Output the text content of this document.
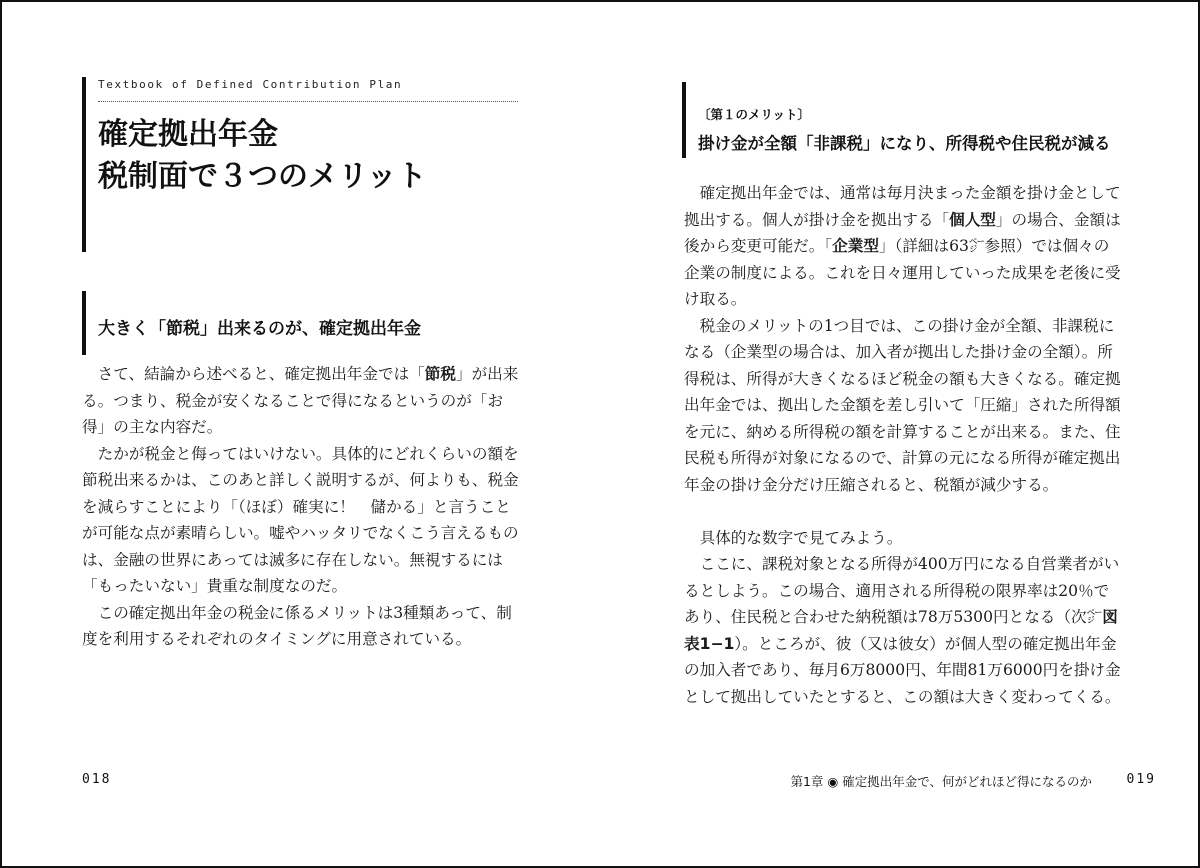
Textbook of Defined Contribution Plan
確定拠出年金
税制面で３つのメリット
大きく「節税」出来るのが、確定拠出年金

　さて、結論から述べると、確定拠出年金では「節税」が出来

る。つまり、税金が安くなることで得になるというのが「お

得」の主な内容だ。

　たかが税金と侮ってはいけない。具体的にどれくらいの額を

節税出来るかは、このあと詳しく説明するが、何よりも、税金

を減らすことにより「（ほぼ）確実に！　儲かる」と言うこと

が可能な点が素晴らしい。嘘やハッタリでなくこう言えるもの

は、金融の世界にあっては滅多に存在しない。無視するには

「もったいない」貴重な制度なのだ。

　この確定拠出年金の税金に係るメリットは3種類あって、制

度を利用するそれぞれのタイミングに用意されている。

018
〔第１のメリット〕
掛け金が全額「非課税」になり、所得税や住民税が減る

　確定拠出年金では、通常は毎月決まった金額を掛け金として

拠出する。個人が掛け金を拠出する「個人型」の場合、金額は

後から変更可能だ。「企業型」（詳細は63㌻参照）では個々の

企業の制度による。これを日々運用していった成果を老後に受

け取る。

　税金のメリットの1つ目では、この掛け金が全額、非課税に

なる（企業型の場合は、加入者が拠出した掛け金の全額）。所

得税は、所得が大きくなるほど税金の額も大きくなる。確定拠

出年金では、拠出した金額を差し引いて「圧縮」された所得額

を元に、納める所得税の額を計算することが出来る。また、住

民税も所得が対象になるので、計算の元になる所得が確定拠出

年金の掛け金分だけ圧縮されると、税額が減少する。

　具体的な数字で見てみよう。

　ここに、課税対象となる所得が400万円になる自営業者がい

るとしよう。この場合、適用される所得税の限界率は20％で

あり、住民税と合わせた納税額は78万5300円となる（次㌻図

表1−1）。ところが、彼（又は彼女）が個人型の確定拠出年金

の加入者であり、毎月6万8000円、年間81万6000円を掛け金

として拠出していたとすると、この額は大きく変わってくる。

第1章 ◉ 確定拠出年金で、何がどれほど得になるのか	019
